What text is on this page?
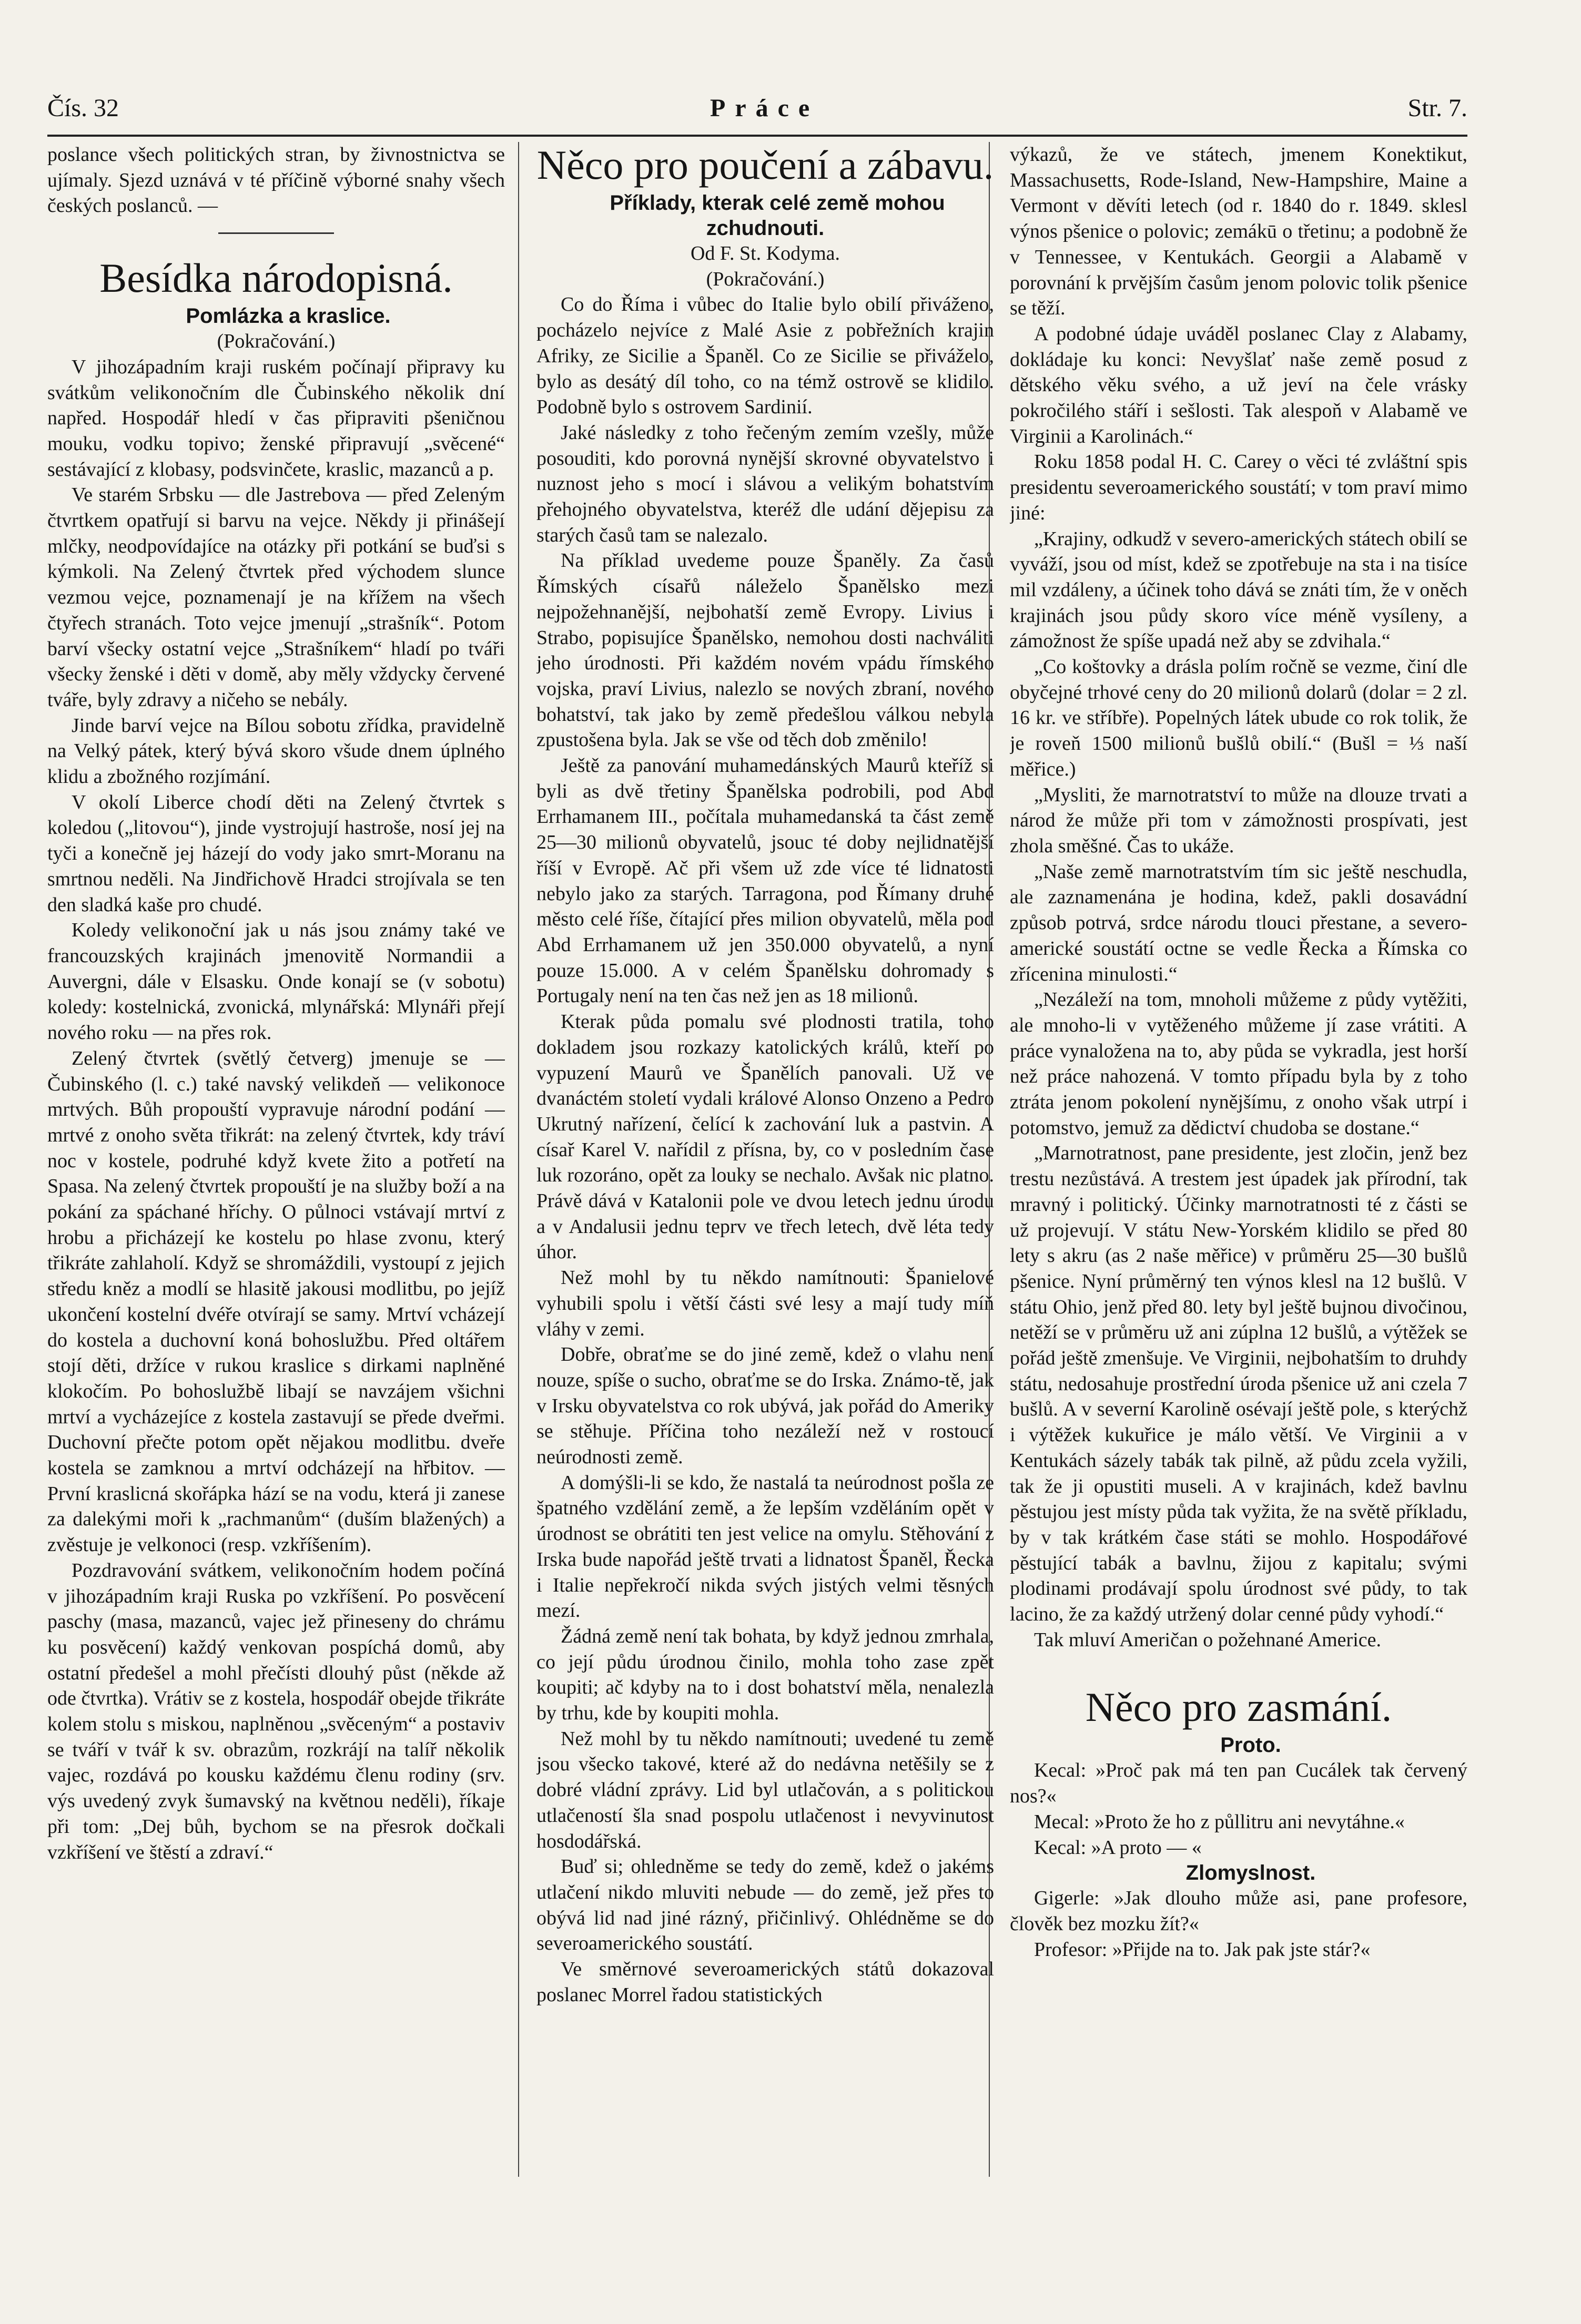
Čís. 32	Práce	Str. 7.

poslance všech politických stran, by živnostnictva se ujímaly. Sjezd uznává v té příčině výborné snahy všech českých poslanců. —

Besídka národopisná.

Pomlázka a kraslice.

(Pokračování.)

V jihozápadním kraji ruském počínají připravy ku svátkům velikonočním dle Čubinského několik dní napřed. Hospodář hledí v čas připraviti pšeničnou mouku, vodku topivo; ženské připravují „svěcené“ sestávající z klobasy, podsvinčete, kraslic, mazanců a p.

Ve starém Srbsku — dle Jastrebova — před Zeleným čtvrtkem opatřují si barvu na vejce. Někdy ji přinášejí mlčky, neodpovídajíce na otázky při potkání se buďsi s kýmkoli. Na Zelený čtvrtek před východem slunce vezmou vejce, poznamenají je na křížem na všech čtyřech stranách. Toto vejce jmenují „strašník“. Potom barví všecky ostatní vejce „Strašníkem“ hladí po tváři všecky ženské i děti v domě, aby měly vždycky červené tváře, byly zdravy a ničeho se nebály.

Jinde barví vejce na Bílou sobotu zřídka, pravidelně na Velký pátek, který bývá skoro všude dnem úplného klidu a zbožného rozjímání.

V okolí Liberce chodí děti na Zelený čtvrtek s koledou („litovou“), jinde vystrojují hastroše, nosí jej na tyči a konečně jej házejí do vody jako smrt-Moranu na smrtnou neděli. Na Jindřichově Hradci strojívala se ten den sladká kaše pro chudé.

Koledy velikonoční jak u nás jsou známy také ve francouzských krajinách jmenovitě Normandii a Auvergni, dále v Elsasku. Onde konají se (v sobotu) koledy: kostelnická, zvonická, mlynářská: Mlynáři přejí nového roku — na přes rok.

Zelený čtvrtek (světlý četverg) jmenuje se — Čubinského (l. c.) také navský velikdeň — velikonoce mrtvých. Bůh propouští vypravuje národní podání — mrtvé z onoho světa třikrát: na zelený čtvrtek, kdy tráví noc v kostele, podruhé když kvete žito a potřetí na Spasa. Na zelený čtvrtek propouští je na služby boží a na pokání za spáchané hříchy. O půlnoci vstávají mrtví z hrobu a přicházejí ke kostelu po hlase zvonu, který třikráte zahlaholí. Když se shromáždili, vystoupí z jejich středu kněz a modlí se hlasitě jakousi modlitbu, po jejíž ukončení kostelní dvéře otvírají se samy. Mrtví vcházejí do kostela a duchovní koná bohoslužbu. Před oltářem stojí děti, držíce v rukou kraslice s dirkami naplněné klokočím. Po bohoslužbě libají se navzájem všichni mrtví a vycházejíce z kostela zastavují se přede dveřmi. Duchovní přečte potom opět nějakou modlitbu. dveře kostela se zamknou a mrtví odcházejí na hřbitov. — První kraslicná skořápka hází se na vodu, která ji zanese za dalekými moři k „rachmanům“ (duším blažených) a zvěstuje je velkonoci (resp. vzkříšením).

Pozdravování svátkem, velikonočním hodem počíná v jihozápadním kraji Ruska po vzkříšení. Po posvěcení paschy (masa, mazanců, vajec jež přineseny do chrámu ku posvěcení) každý venkovan pospíchá domů, aby ostatní předešel a mohl přečísti dlouhý půst (někde až ode čtvrtka). Vrátiv se z kostela, hospodář obejde třikráte kolem stolu s miskou, naplněnou „svěceným“ a postaviv se tváří v tvář k sv. obrazům, rozkrájí na talíř několik vajec, rozdává po kousku každému členu rodiny (srv. výs uvedený zvyk šumavský na květnou neděli), říkaje při tom: „Dej bůh, bychom se na přesrok dočkali vzkříšení ve štěstí a zdraví.“

Něco pro poučení a zábavu.

Příklady, kterak celé země mohou zchudnouti.

Od F. St. Kodyma.

(Pokračování.)

Co do Říma i vůbec do Italie bylo obilí přiváženo, pocházelo nejvíce z Malé Asie z pobřežních krajin Afriky, ze Sicilie a Španěl. Co ze Sicilie se přiváželo, bylo as desátý díl toho, co na témž ostrově se klidilo. Podobně bylo s ostrovem Sardinií.

Jaké následky z toho řečeným zemím vzešly, může posouditi, kdo porovná nynější skrovné obyvatelstvo i nuznost jeho s mocí i slávou a velikým bohatstvím přehojného obyvatelstva, kteréž dle udání dějepisu za starých časů tam se nalezalo.

Na příklad uvedeme pouze Španěly. Za časů Římských císařů náleželo Španělsko mezi nejpožehnanější, nejbohatší země Evropy. Livius i Strabo, popisujíce Španělsko, nemohou dosti nachváliti jeho úrodnosti. Při každém novém vpádu římského vojska, praví Livius, nalezlo se nových zbraní, nového bohatství, tak jako by země předešlou válkou nebyla zpustošena byla. Jak se vše od těch dob změnilo!

Ještě za panování muhamedánských Maurů kteříž si byli as dvě třetiny Španělska podrobili, pod Abd Errhamanem III., počítala muhamedanská ta část země 25—30 milionů obyvatelů, jsouc té doby nejlidnatější říší v Evropě. Ač při všem už zde více té lidnatosti nebylo jako za starých. Tarragona, pod Římany druhé město celé říše, čítající přes milion obyvatelů, měla pod Abd Errhamanem už jen 350.000 obyvatelů, a nyní pouze 15.000. A v celém Španělsku dohromady s Portugaly není na ten čas než jen as 18 milionů.

Kterak půda pomalu své plodnosti tratila, toho dokladem jsou rozkazy katolických králů, kteří po vypuzení Maurů ve Španělích panovali. Už ve dvanáctém století vydali králové Alonso Onzeno a Pedro Ukrutný nařízení, čelící k zachování luk a pastvin. A císař Karel V. nařídil z přísna, by, co v posledním čase luk rozoráno, opět za louky se nechalo. Avšak nic platno. Právě dává v Katalonii pole ve dvou letech jednu úrodu a v Andalusii jednu teprv ve třech letech, dvě léta tedy úhor.

Než mohl by tu někdo namítnouti: Španielové vyhubili spolu i větší části své lesy a mají tudy míň vláhy v zemi.

Dobře, obraťme se do jiné země, kdež o vlahu není nouze, spíše o sucho, obraťme se do Irska. Známo-tě, jak v Irsku obyvatelstva co rok ubývá, jak pořád do Ameriky se stěhuje. Příčina toho nezáleží než v rostoucí neúrodnosti země.

A domýšli-li se kdo, že nastalá ta neúrodnost pošla ze špatného vzdělání země, a že lepším vzděláním opět v úrodnost se obrátiti ten jest velice na omylu. Stěhování z Irska bude napořád ještě trvati a lidnatost Španěl, Řecka i Italie nepřekročí nikda svých jistých velmi těsných mezí.

Žádná země není tak bohata, by když jednou zmrhala, co její půdu úrodnou činilo, mohla toho zase zpět koupiti; ač kdyby na to i dost bohatství měla, nenalezla by trhu, kde by koupiti mohla.

Než mohl by tu někdo namítnouti; uvedené tu země jsou všecko takové, které až do nedávna netěšily se z dobré vládní zprávy. Lid byl utlačován, a s politickou utlačeností šla snad pospolu utlačenost i nevyvinutost hosdodářská.

Buď si; ohledněme se tedy do země, kdež o jakéms utlačení nikdo mluviti nebude — do země, jež přes to obývá lid nad jiné rázný, přičinlivý. Ohlédněme se do severoamerického soustátí.

Ve směrnové severoamerických států dokazoval poslanec Morrel řadou statistických

výkazů, že ve státech, jmenem Konektikut, Massachusetts, Rode-Island, New-Hampshire, Maine a Vermont v děvíti letech (od r. 1840 do r. 1849. sklesl výnos pšenice o polovic; zemákū o třetinu; a podobně že v Tennessee, v Kentukách. Georgii a Alabamě v porovnání k prvějším časům jenom polovic tolik pšenice se těží.

A podobné údaje uváděl poslanec Clay z Alabamy, dokládaje ku konci: Nevyšlať naše země posud z dětského věku svého, a už jeví na čele vrásky pokročilého stáří i sešlosti. Tak alespoň v Alabamě ve Virginii a Karolinách.“

Roku 1858 podal H. C. Carey o věci té zvláštní spis presidentu severoamerického soustátí; v tom praví mimo jiné:

„Krajiny, odkudž v severo-amerických státech obilí se vyváží, jsou od míst, kdež se zpotřebuje na sta i na tisíce mil vzdáleny, a účinek toho dává se znáti tím, že v oněch krajinách jsou půdy skoro více méně vysíleny, a zámožnost že spíše upadá než aby se zdvihala.“

„Co koštovky a drásla polím ročně se vezme, činí dle obyčejné trhové ceny do 20 milionů dolarů (dolar = 2 zl. 16 kr. ve stříbře). Popelných látek ubude co rok tolik, že je roveň 1500 milionů bušlů obilí.“ (Bušl = ⅓ naší měřice.)

„Mysliti, že marnotratství to může na dlouze trvati a národ že může při tom v zámožnosti prospívati, jest zhola směšné. Čas to ukáže.

„Naše země marnotratstvím tím sic ještě neschudla, ale zaznamenána je hodina, kdež, pakli dosavádní způsob potrvá, srdce národu tlouci přestane, a severo-americké soustátí octne se vedle Řecka a Římska co zřícenina minulosti.“

„Nezáleží na tom, mnoholi můžeme z půdy vytěžiti, ale mnoho-li v vytěženého můžeme jí zase vrátiti. A práce vynaložena na to, aby půda se vykradla, jest horší než práce nahozená. V tomto případu byla by z toho ztráta jenom pokolení nynějšímu, z onoho však utrpí i potomstvo, jemuž za dědictví chudoba se dostane.“

„Marnotratnost, pane presidente, jest zločin, jenž bez trestu nezůstává. A trestem jest úpadek jak přírodní, tak mravný i politický. Účinky marnotratnosti té z části se už projevují. V státu New-Yorském klidilo se před 80 lety s akru (as 2 naše měřice) v průměru 25—30 bušlů pšenice. Nyní průměrný ten výnos klesl na 12 bušlů. V státu Ohio, jenž před 80. lety byl ještě bujnou divočinou, netěží se v průměru už ani zúplna 12 bušlů, a výtěžek se pořád ještě zmenšuje. Ve Virginii, nejbohatším to druhdy státu, nedosahuje prostřední úroda pšenice už ani czela 7 bušlů. A v severní Karolině osévají ještě pole, s kterýchž i výtěžek kukuřice je málo větší. Ve Virginii a v Kentukách sázely tabák tak pilně, až půdu zcela vyžili, tak že ji opustiti museli. A v krajinách, kdež bavlnu pěstujou jest místy půda tak vyžita, že na světě příkladu, by v tak krátkém čase státi se mohlo. Hospodářové pěstující tabák a bavlnu, žijou z kapitalu; svými plodinami prodávají spolu úrodnost své půdy, to tak lacino, že za každý utržený dolar cenné půdy vyhodí.“

Tak mluví Američan o požehnané Americe.

Něco pro zasmání.

Proto.

Kecal: »Proč pak má ten pan Cucálek tak červený nos?«

Mecal: »Proto že ho z půllitru ani nevytáhne.«

Kecal: »A proto — «

Zlomyslnost.

Gigerle: »Jak dlouho může asi, pane profesore, člověk bez mozku žít?«

Profesor: »Přijde na to. Jak pak jste stár?«
